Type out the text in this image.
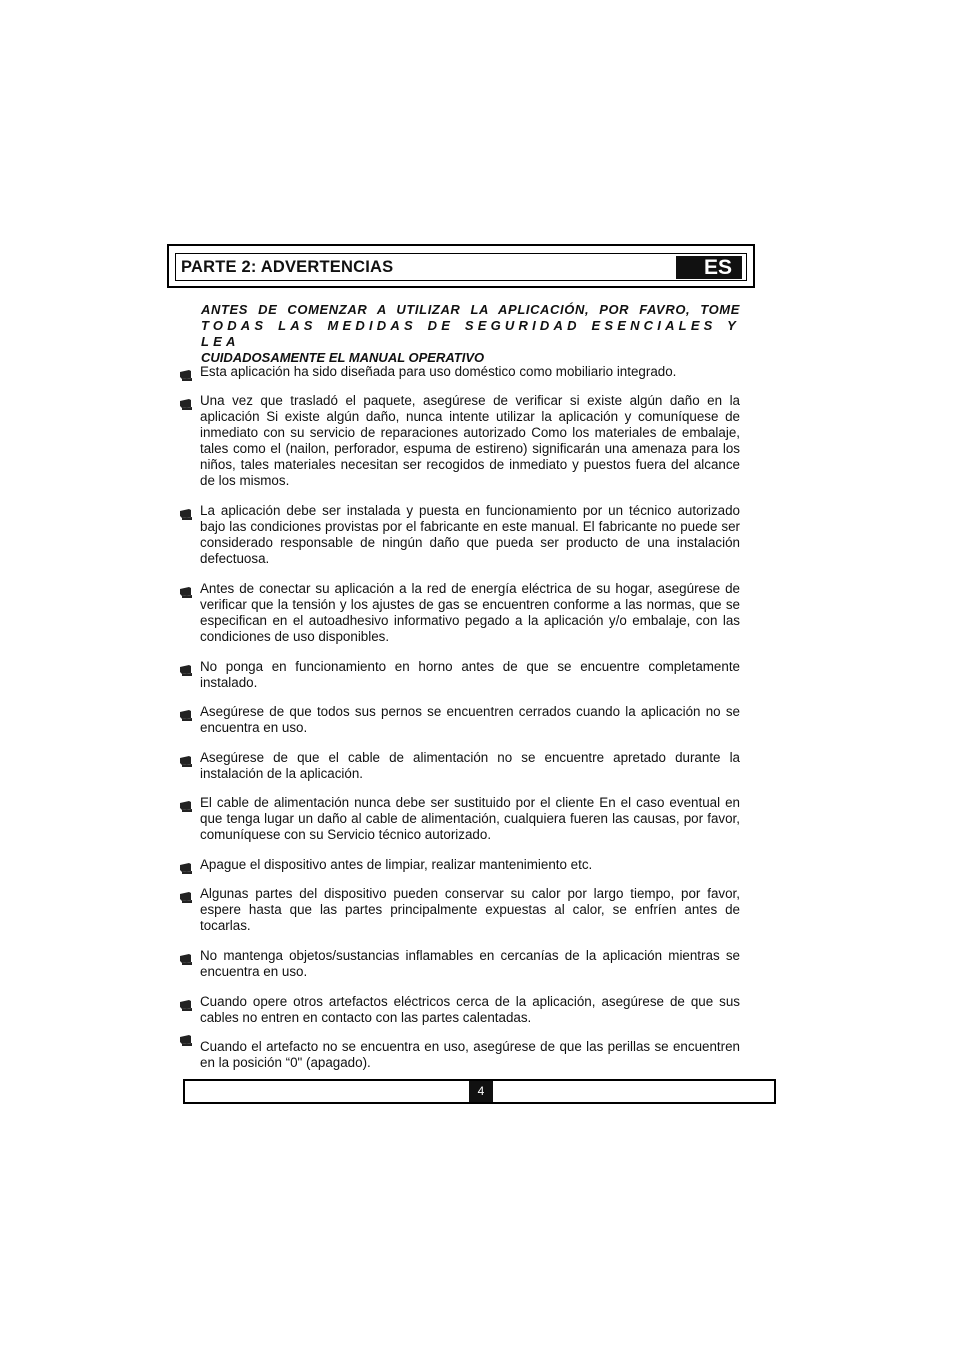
PARTE 2: ADVERTENCIAS	ES
ANTES DE COMENZAR A UTILIZAR LA APLICACIÓN, POR FAVRO, TOME
TODAS LAS MEDIDAS DE SEGURIDAD ESENCIALES Y LEA
CUIDADOSAMENTE EL MANUAL OPERATIVO
Esta aplicación ha sido diseñada para uso doméstico como mobiliario integrado.
Una vez que trasladó el paquete, asegúrese de verificar si existe algún daño en la aplicación Si existe algún daño, nunca intente utilizar la aplicación y comuníquese de inmediato con su servicio de reparaciones autorizado Como los materiales de embalaje, tales como el (nailon, perforador, espuma de estireno) significarán una amenaza para los niños, tales materiales necesitan ser recogidos de inmediato y puestos fuera del alcance de los mismos.
La aplicación debe ser instalada y puesta en funcionamiento por un técnico autorizado bajo las condiciones provistas por el fabricante en este manual. El fabricante no puede ser considerado responsable de ningún daño que pueda ser producto de una instalación defectuosa.
Antes de conectar su aplicación a la red de energía eléctrica de su hogar, asegúrese de verificar que la tensión y los ajustes de gas se encuentren conforme a las normas, que se especifican en el autoadhesivo informativo pegado a la aplicación y/o embalaje, con las condiciones de uso disponibles.
No ponga en funcionamiento en horno antes de que se encuentre completamente instalado.
Asegúrese de que todos sus pernos se encuentren cerrados cuando la aplicación no se encuentra en uso.
Asegúrese de que el cable de alimentación no se encuentre apretado durante la instalación de la aplicación.
El cable de alimentación nunca debe ser sustituido por el cliente En el caso eventual en que tenga lugar un daño al cable de alimentación, cualquiera fueren las causas, por favor, comuníquese con su Servicio técnico autorizado.
Apague el dispositivo antes de limpiar, realizar mantenimiento etc.
Algunas partes del dispositivo pueden conservar su calor por largo tiempo, por favor, espere hasta que las partes principalmente expuestas al calor, se enfríen antes de tocarlas.
No mantenga objetos/sustancias inflamables en cercanías de la aplicación mientras se encuentra en uso.
Cuando opere otros artefactos eléctricos cerca de la aplicación, asegúrese de que sus cables no entren en contacto con las partes calentadas.
Cuando el artefacto no se encuentra en uso, asegúrese de que las perillas se encuentren en la posición “0" (apagado).
4
